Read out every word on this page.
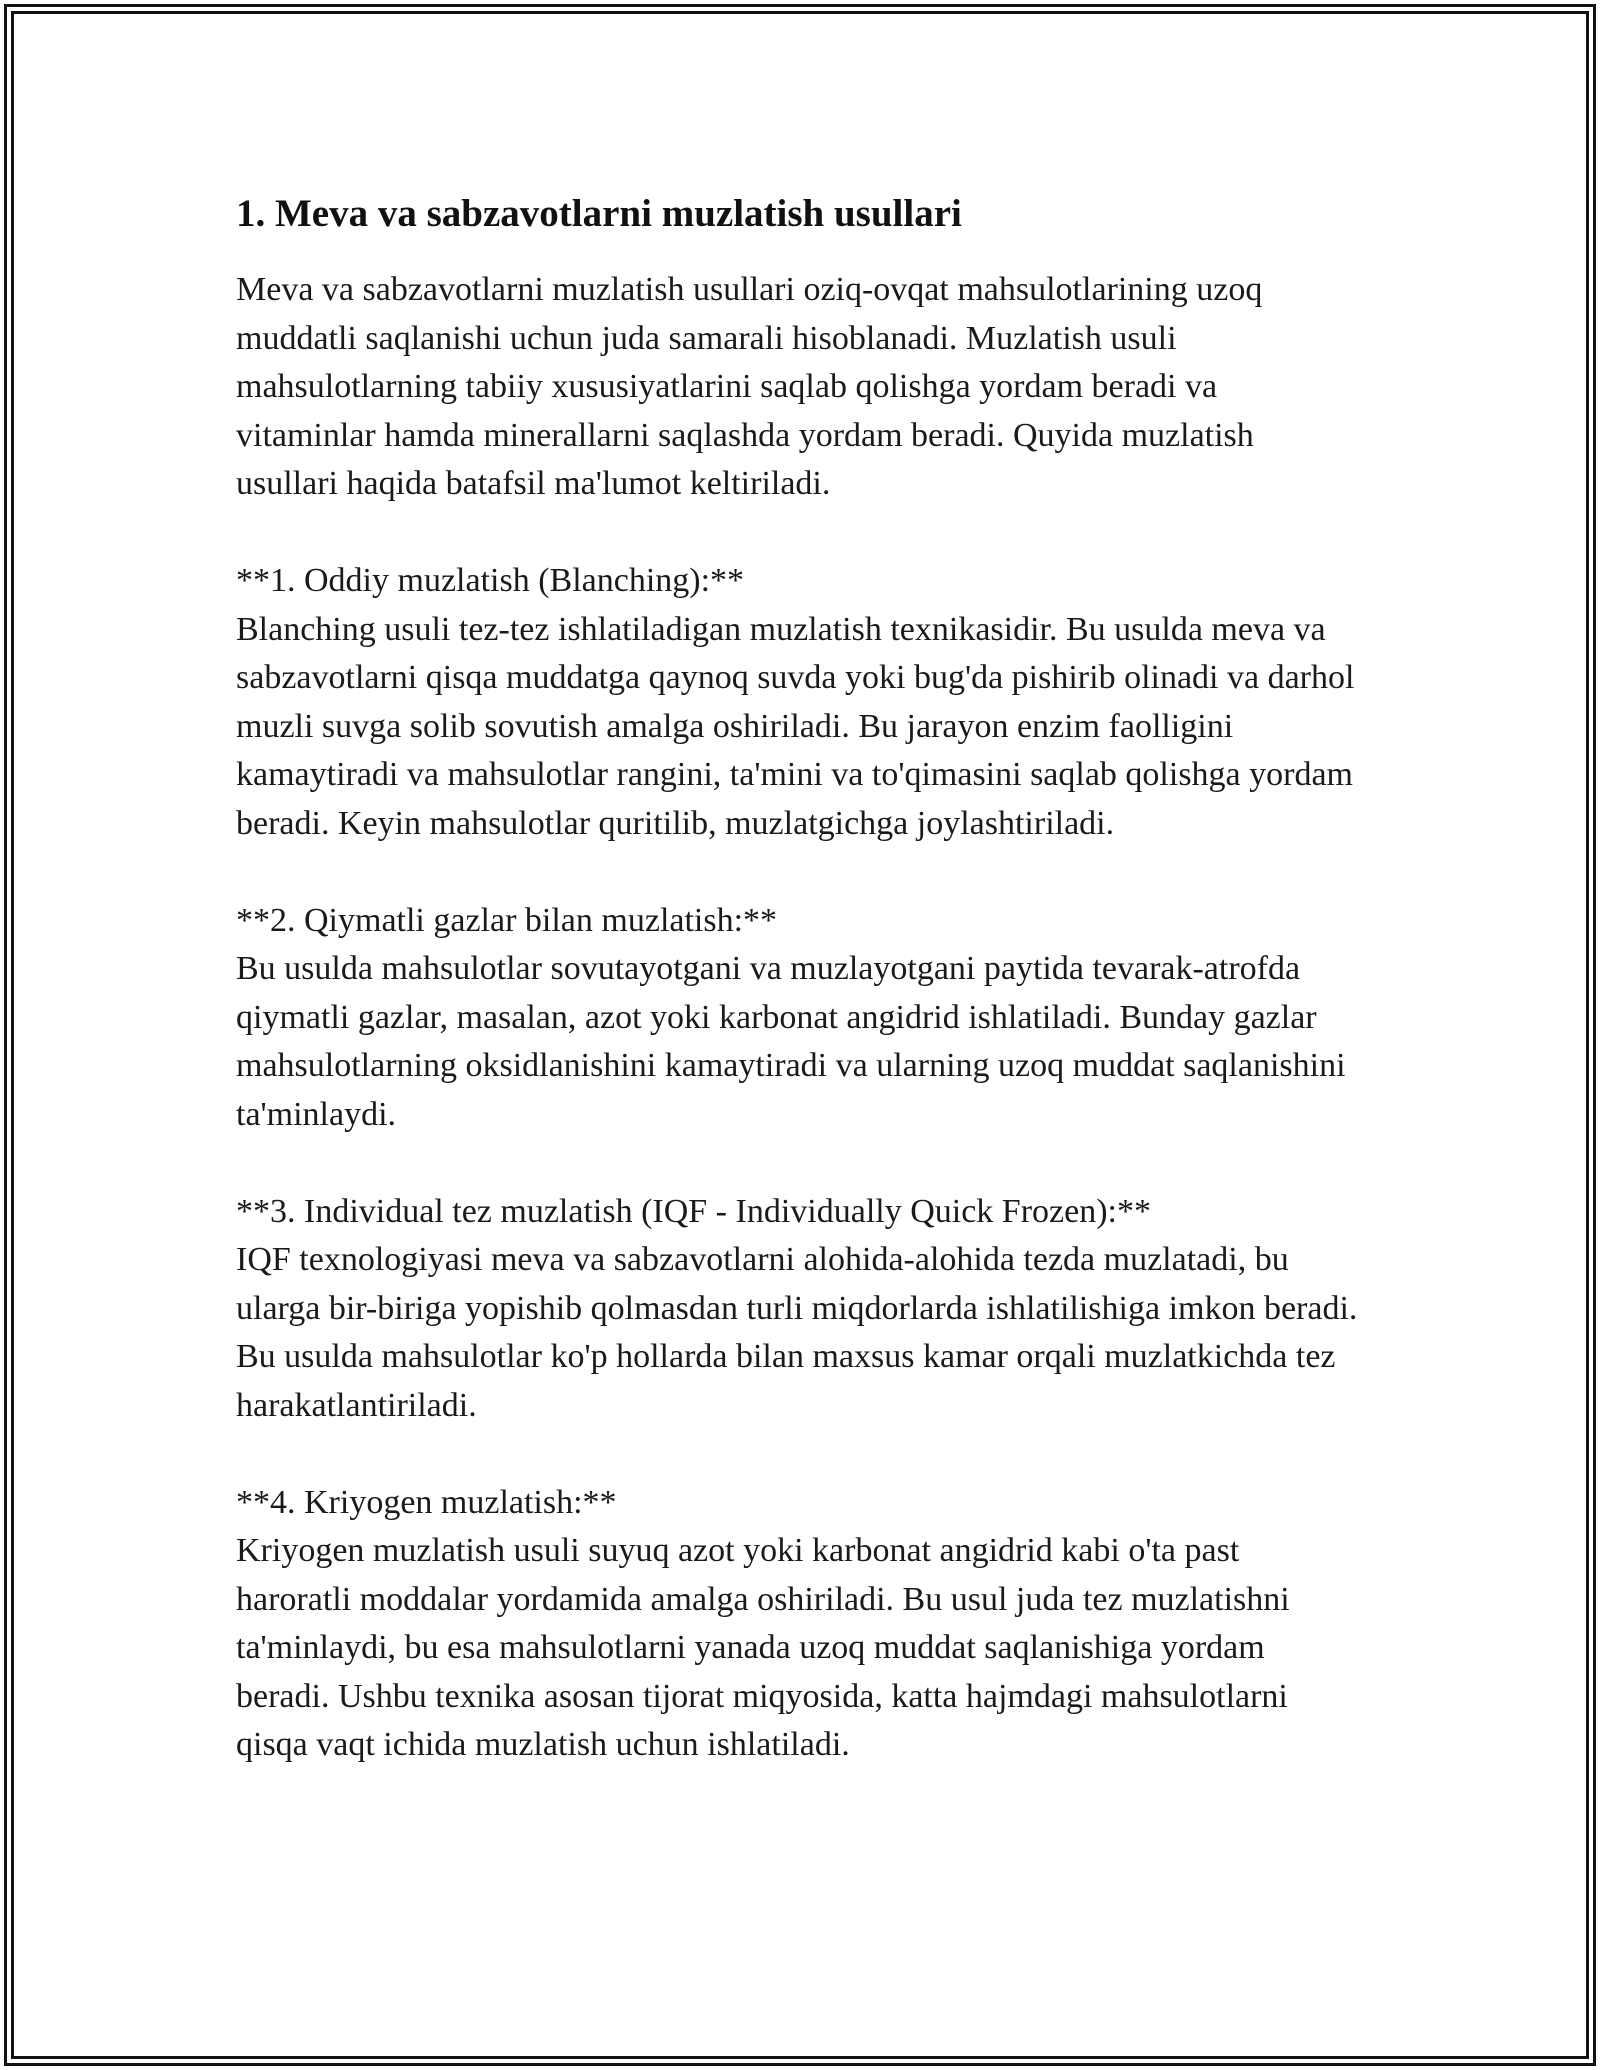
1. Meva va sabzavotlarni muzlatish usullari

Meva va sabzavotlarni muzlatish usullari oziq-ovqat mahsulotlarining uzoq muddatli saqlanishi uchun juda samarali hisoblanadi. Muzlatish usuli mahsulotlarning tabiiy xususiyatlarini saqlab qolishga yordam beradi va vitaminlar hamda minerallarni saqlashda yordam beradi. Quyida muzlatish usullari haqida batafsil ma'lumot keltiriladi.

**1. Oddiy muzlatish (Blanching):**

Blanching usuli tez-tez ishlatiladigan muzlatish texnikasidir. Bu usulda meva va sabzavotlarni qisqa muddatga qaynoq suvda yoki bug'da pishirib olinadi va darhol muzli suvga solib sovutish amalga oshiriladi. Bu jarayon enzim faolligini kamaytiradi va mahsulotlar rangini, ta'mini va to'qimasini saqlab qolishga yordam beradi. Keyin mahsulotlar quritilib, muzlatgichga joylashtiriladi.

**2. Qiymatli gazlar bilan muzlatish:**

Bu usulda mahsulotlar sovutayotgani va muzlayotgani paytida tevarak-atrofda qiymatli gazlar, masalan, azot yoki karbonat angidrid ishlatiladi. Bunday gazlar mahsulotlarning oksidlanishini kamaytiradi va ularning uzoq muddat saqlanishini ta'minlaydi.

**3. Individual tez muzlatish (IQF - Individually Quick Frozen):**

IQF texnologiyasi meva va sabzavotlarni alohida-alohida tezda muzlatadi, bu ularga bir-biriga yopishib qolmasdan turli miqdorlarda ishlatilishiga imkon beradi. Bu usulda mahsulotlar ko'p hollarda bilan maxsus kamar orqali muzlatkichda tez harakatlantiriladi.

**4. Kriyogen muzlatish:**

Kriyogen muzlatish usuli suyuq azot yoki karbonat angidrid kabi o'ta past haroratli moddalar yordamida amalga oshiriladi. Bu usul juda tez muzlatishni ta'minlaydi, bu esa mahsulotlarni yanada uzoq muddat saqlanishiga yordam beradi. Ushbu texnika asosan tijorat miqyosida, katta hajmdagi mahsulotlarni qisqa vaqt ichida muzlatish uchun ishlatiladi.
